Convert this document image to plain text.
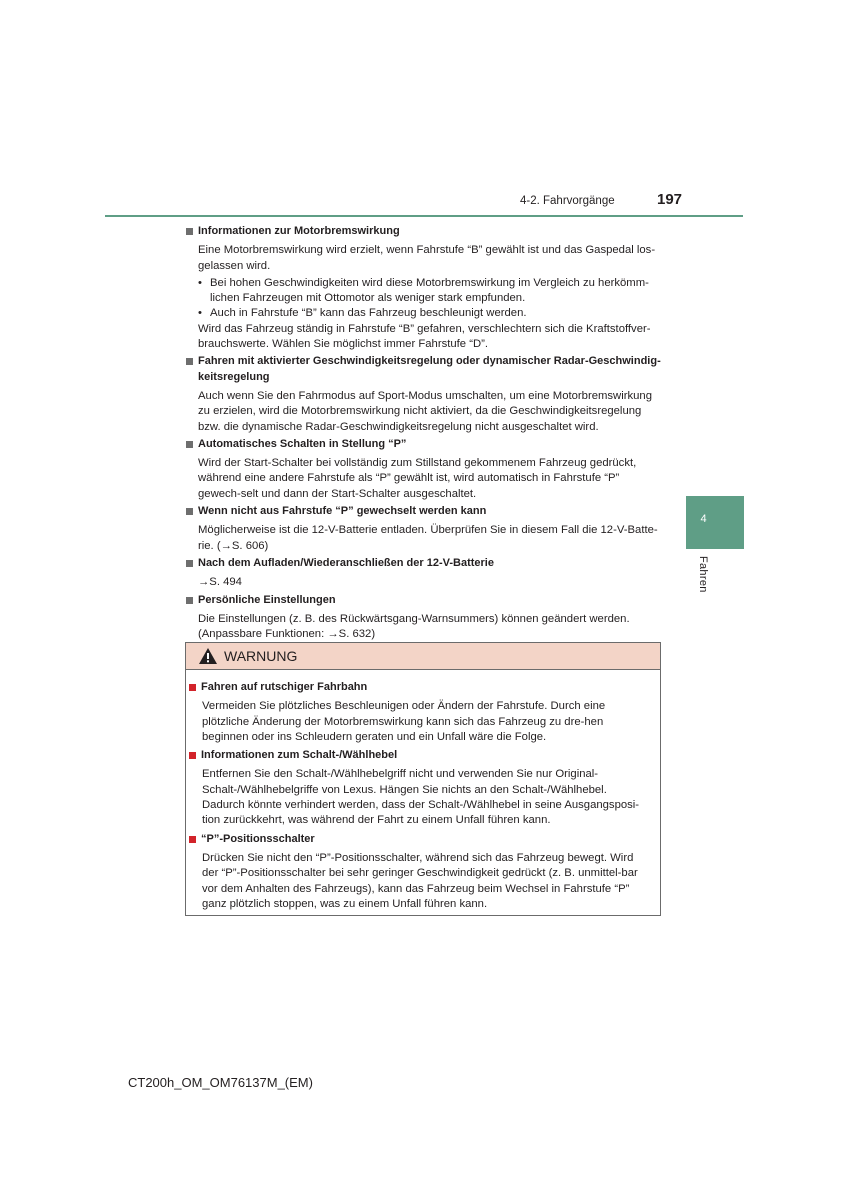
4-2. Fahrvorgänge	197
4
Fahren
Informationen zur Motorbremswirkung
Eine Motorbremswirkung wird erzielt, wenn Fahrstufe “B” gewählt ist und das Gaspedal los-gelassen wird.
• Bei hohen Geschwindigkeiten wird diese Motorbremswirkung im Vergleich zu herkömm-lichen Fahrzeugen mit Ottomotor als weniger stark empfunden.
• Auch in Fahrstufe “B” kann das Fahrzeug beschleunigt werden.
Wird das Fahrzeug ständig in Fahrstufe “B” gefahren, verschlechtern sich die Kraftstoffver-brauchswerte. Wählen Sie möglichst immer Fahrstufe “D”.
Fahren mit aktivierter Geschwindigkeitsregelung oder dynamischer Radar-Geschwindig-keitsregelung
Auch wenn Sie den Fahrmodus auf Sport-Modus umschalten, um eine Motorbremswirkung zu erzielen, wird die Motorbremswirkung nicht aktiviert, da die Geschwindigkeitsregelung bzw. die dynamische Radar-Geschwindigkeitsregelung nicht ausgeschaltet wird.
Automatisches Schalten in Stellung “P”
Wird der Start-Schalter bei vollständig zum Stillstand gekommenem Fahrzeug gedrückt, während eine andere Fahrstufe als “P” gewählt ist, wird automatisch in Fahrstufe “P” gewech-selt und dann der Start-Schalter ausgeschaltet.
Wenn nicht aus Fahrstufe “P” gewechselt werden kann
Möglicherweise ist die 12-V-Batterie entladen. Überprüfen Sie in diesem Fall die 12-V-Batte-rie. (→S. 606)
Nach dem Aufladen/Wiederanschließen der 12-V-Batterie
→S. 494
Persönliche Einstellungen
Die Einstellungen (z. B. des Rückwärtsgang-Warnsummers) können geändert werden. (Anpassbare Funktionen: →S. 632)
WARNUNG
Fahren auf rutschiger Fahrbahn
Vermeiden Sie plötzliches Beschleunigen oder Ändern der Fahrstufe. Durch eine plötzliche Änderung der Motorbremswirkung kann sich das Fahrzeug zu dre-hen beginnen oder ins Schleudern geraten und ein Unfall wäre die Folge.
Informationen zum Schalt-/Wählhebel
Entfernen Sie den Schalt-/Wählhebelgriff nicht und verwenden Sie nur Original-Schalt-/Wählhebelgriffe von Lexus. Hängen Sie nichts an den Schalt-/Wählhebel. Dadurch könnte verhindert werden, dass der Schalt-/Wählhebel in seine Ausgangsposi-tion zurückkehrt, was während der Fahrt zu einem Unfall führen kann.
“P”-Positionsschalter
Drücken Sie nicht den “P”-Positionsschalter, während sich das Fahrzeug bewegt. Wird der “P”-Positionsschalter bei sehr geringer Geschwindigkeit gedrückt (z. B. unmittel-bar vor dem Anhalten des Fahrzeugs), kann das Fahrzeug beim Wechsel in Fahrstufe “P” ganz plötzlich stoppen, was zu einem Unfall führen kann.
CT200h_OM_OM76137M_(EM)
